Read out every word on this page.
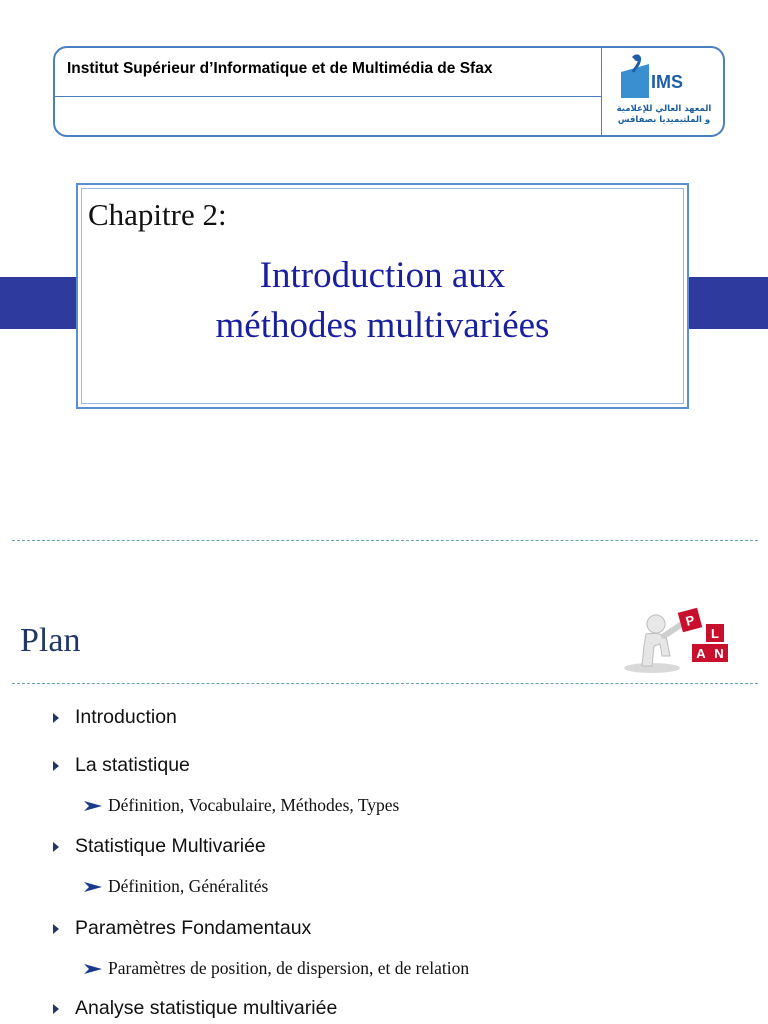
Institut Supérieur d’Informatique et de Multimédia de Sfax
IMS
المعهد العالي للإعلامية
و الملتيميديا بصفاقس
Chapitre 2:
Introduction aux
méthodes multivariées
Plan
P
L
A N
Introduction
La statistique
Définition, Vocabulaire, Méthodes, Types
Statistique Multivariée
Définition, Généralités
Paramètres Fondamentaux
Paramètres de position, de dispersion, et de relation
Analyse statistique multivariée
